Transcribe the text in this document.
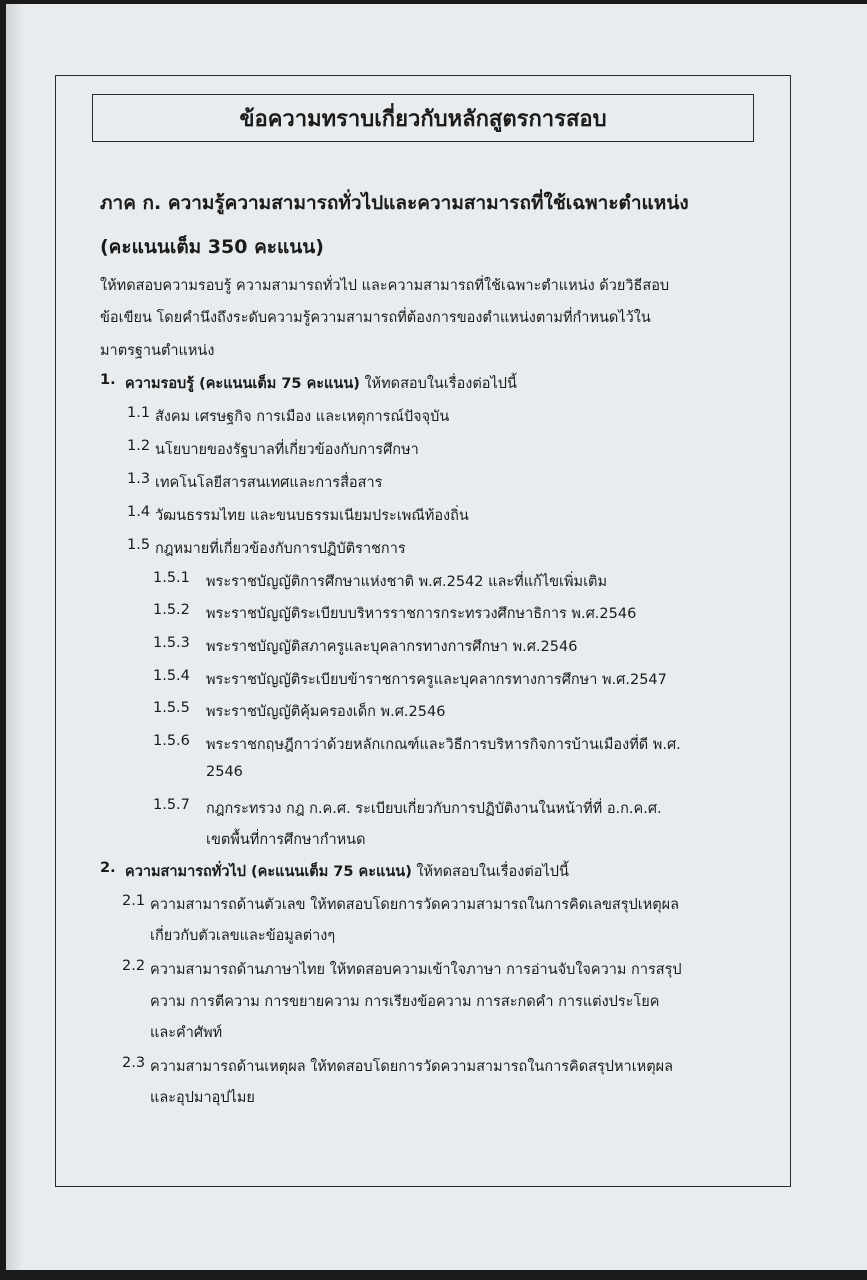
ข้อความทราบเกี่ยวกับหลักสูตรการสอบ
ภาค ก. ความรู้ความสามารถทั่วไปและความสามารถที่ใช้เฉพาะตำแหน่ง
(คะแนนเต็ม 350 คะแนน)
ให้ทดสอบความรอบรู้ ความสามารถทั่วไป และความสามารถที่ใช้เฉพาะตำแหน่ง ด้วยวิธีสอบ
ข้อเขียน โดยคำนึงถึงระดับความรู้ความสามารถที่ต้องการของตำแหน่งตามที่กำหนดไว้ใน
มาตรฐานตำแหน่ง
1. ความรอบรู้ (คะแนนเต็ม 75 คะแนน) ให้ทดสอบในเรื่องต่อไปนี้
1.1 สังคม เศรษฐกิจ การเมือง และเหตุการณ์ปัจจุบัน
1.2 นโยบายของรัฐบาลที่เกี่ยวข้องกับการศึกษา
1.3 เทคโนโลยีสารสนเทศและการสื่อสาร
1.4 วัฒนธรรมไทย และขนบธรรมเนียมประเพณีท้องถิ่น
1.5 กฎหมายที่เกี่ยวข้องกับการปฏิบัติราชการ
1.5.1 พระราชบัญญัติการศึกษาแห่งชาติ พ.ศ.2542 และที่แก้ไขเพิ่มเติม
1.5.2 พระราชบัญญัติระเบียบบริหารราชการกระทรวงศึกษาธิการ พ.ศ.2546
1.5.3 พระราชบัญญัติสภาครูและบุคลากรทางการศึกษา พ.ศ.2546
1.5.4 พระราชบัญญัติระเบียบข้าราชการครูและบุคลากรทางการศึกษา พ.ศ.2547
1.5.5 พระราชบัญญัติคุ้มครองเด็ก พ.ศ.2546
1.5.6 พระราชกฤษฎีกาว่าด้วยหลักเกณฑ์และวิธีการบริหารกิจการบ้านเมืองที่ดี พ.ศ.
2546
1.5.7 กฎกระทรวง กฎ ก.ค.ศ. ระเบียบเกี่ยวกับการปฏิบัติงานในหน้าที่ที่ อ.ก.ค.ศ.
เขตพื้นที่การศึกษากำหนด
2. ความสามารถทั่วไป (คะแนนเต็ม 75 คะแนน) ให้ทดสอบในเรื่องต่อไปนี้
2.1 ความสามารถด้านตัวเลข ให้ทดสอบโดยการวัดความสามารถในการคิดเลขสรุปเหตุผล
เกี่ยวกับตัวเลขและข้อมูลต่างๆ
2.2 ความสามารถด้านภาษาไทย ให้ทดสอบความเข้าใจภาษา การอ่านจับใจความ การสรุป
ความ การตีความ การขยายความ การเรียงข้อความ การสะกดคำ การแต่งประโยค
และคำศัพท์
2.3 ความสามารถด้านเหตุผล ให้ทดสอบโดยการวัดความสามารถในการคิดสรุปหาเหตุผล
และอุปมาอุปไมย
